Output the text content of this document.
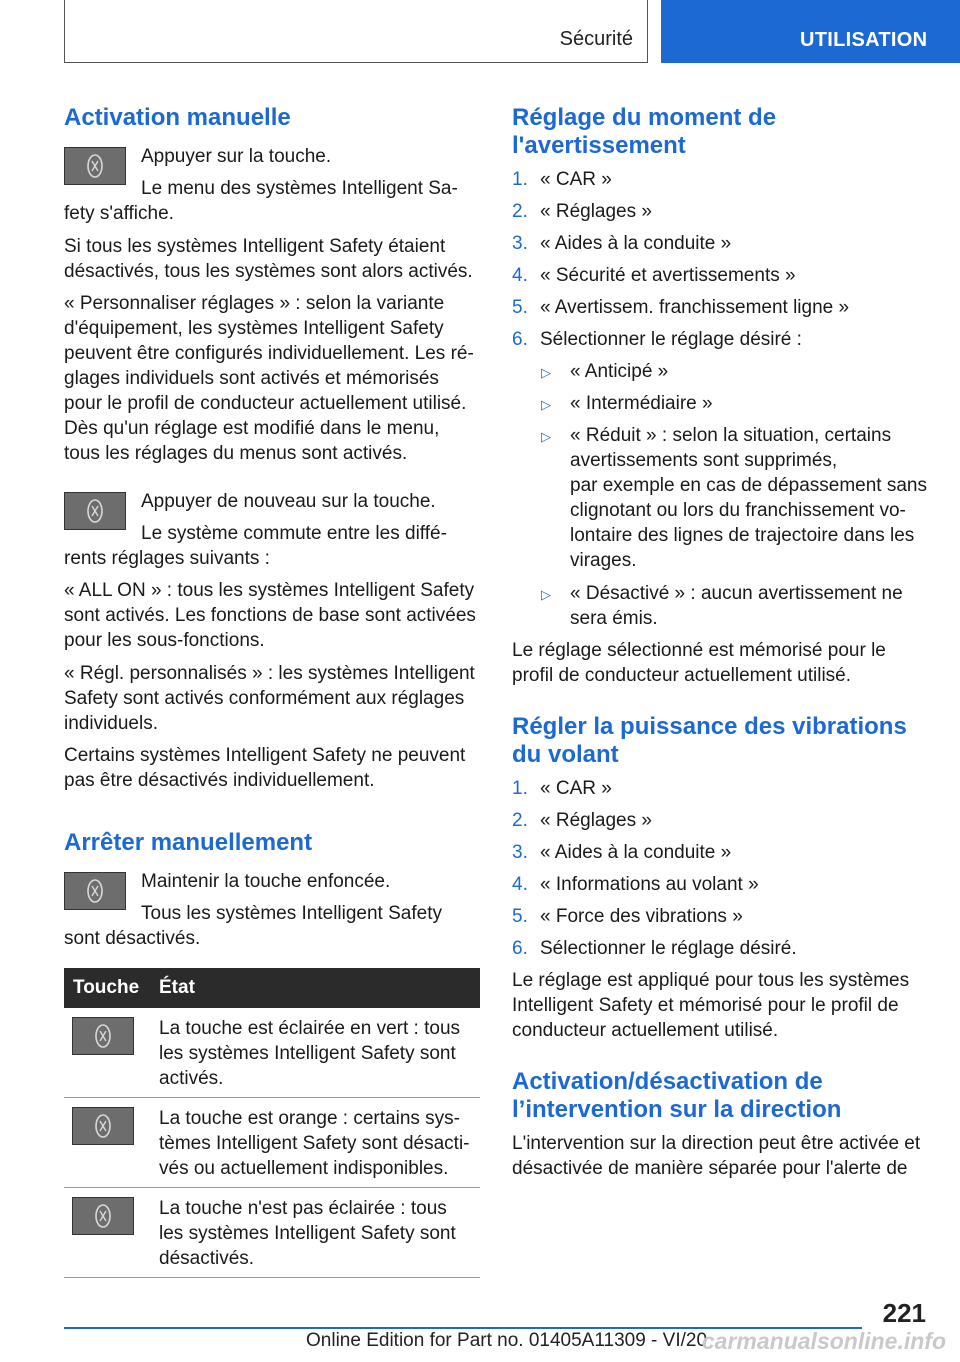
Sécurité	UTILISATION
Activation manuelle

Appuyer sur la touche.

Le menu des systèmes Intelligent Sa‐

fety s'affiche.

Si tous les systèmes Intelligent Safety étaient

désactivés, tous les systèmes sont alors activés.

« Personnaliser réglages » : selon la variante

d'équipement, les systèmes Intelligent Safety

peuvent être configurés individuellement. Les ré‐

glages individuels sont activés et mémorisés

pour le profil de conducteur actuellement utilisé.

Dès qu'un réglage est modifié dans le menu,

tous les réglages du menus sont activés.

Appuyer de nouveau sur la touche.

Le système commute entre les diffé‐

rents réglages suivants :

« ALL ON » : tous les systèmes Intelligent Safety

sont activés. Les fonctions de base sont activées

pour les sous-fonctions.

« Régl. personnalisés » : les systèmes Intelligent

Safety sont activés conformément aux réglages

individuels.

Certains systèmes Intelligent Safety ne peuvent

pas être désactivés individuellement.

Arrêter manuellement

Maintenir la touche enfoncée.

Tous les systèmes Intelligent Safety

sont désactivés.

Touche État

La touche est éclairée en vert : tous

les systèmes Intelligent Safety sont

activés.

La touche est orange : certains sys‐

tèmes Intelligent Safety sont désacti‐

vés ou actuellement indisponibles.

La touche n'est pas éclairée : tous

les systèmes Intelligent Safety sont

désactivés.

Réglage du moment de
l'avertissement
1. « CAR »
2. « Réglages »
3. « Aides à la conduite »
4. « Sécurité et avertissements »
5. « Avertissem. franchissement ligne »
6. Sélectionner le réglage désiré :
▷ « Anticipé »

▷ « Intermédiaire »

▷ « Réduit » : selon la situation, certains

avertissements sont supprimés,

par exemple en cas de dépassement sans

clignotant ou lors du franchissement vo‐

lontaire des lignes de trajectoire dans les

virages.

▷ « Désactivé » : aucun avertissement ne

sera émis.

Le réglage sélectionné est mémorisé pour le

profil de conducteur actuellement utilisé.

Régler la puissance des vibrations
du volant
1. « CAR »
2. « Réglages »
3. « Aides à la conduite »
4. « Informations au volant »
5. « Force des vibrations »
6. Sélectionner le réglage désiré.

Le réglage est appliqué pour tous les systèmes

Intelligent Safety et mémorisé pour le profil de

conducteur actuellement utilisé.

Activation/désactivation de
l’intervention sur la direction

L'intervention sur la direction peut être activée et

désactivée de manière séparée pour l'alerte de

221
Online Edition for Part no. 01405A11309 - VI/20
carmanualsonline.info
